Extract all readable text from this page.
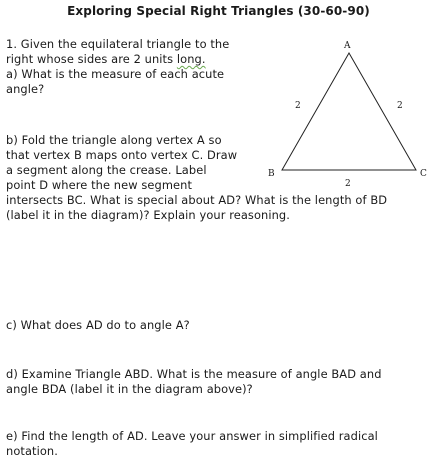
Exploring Special Right Triangles (30-60-90)
1. Given the equilateral triangle to the
right whose sides are 2 units long.
a) What is the measure of each acute
angle?
b) Fold the triangle along vertex A so
that vertex B maps onto vertex C. Draw
a segment along the crease. Label
point D where the new segment
intersects BC. What is special about AD? What is the length of BD
(label it in the diagram)? Explain your reasoning.
c) What does AD do to angle A?
d) Examine Triangle ABD. What is the measure of angle BAD and
angle BDA (label it in the diagram above)?
e) Find the length of AD. Leave your answer in simplified radical
notation.
A
B	C
2	2
2
